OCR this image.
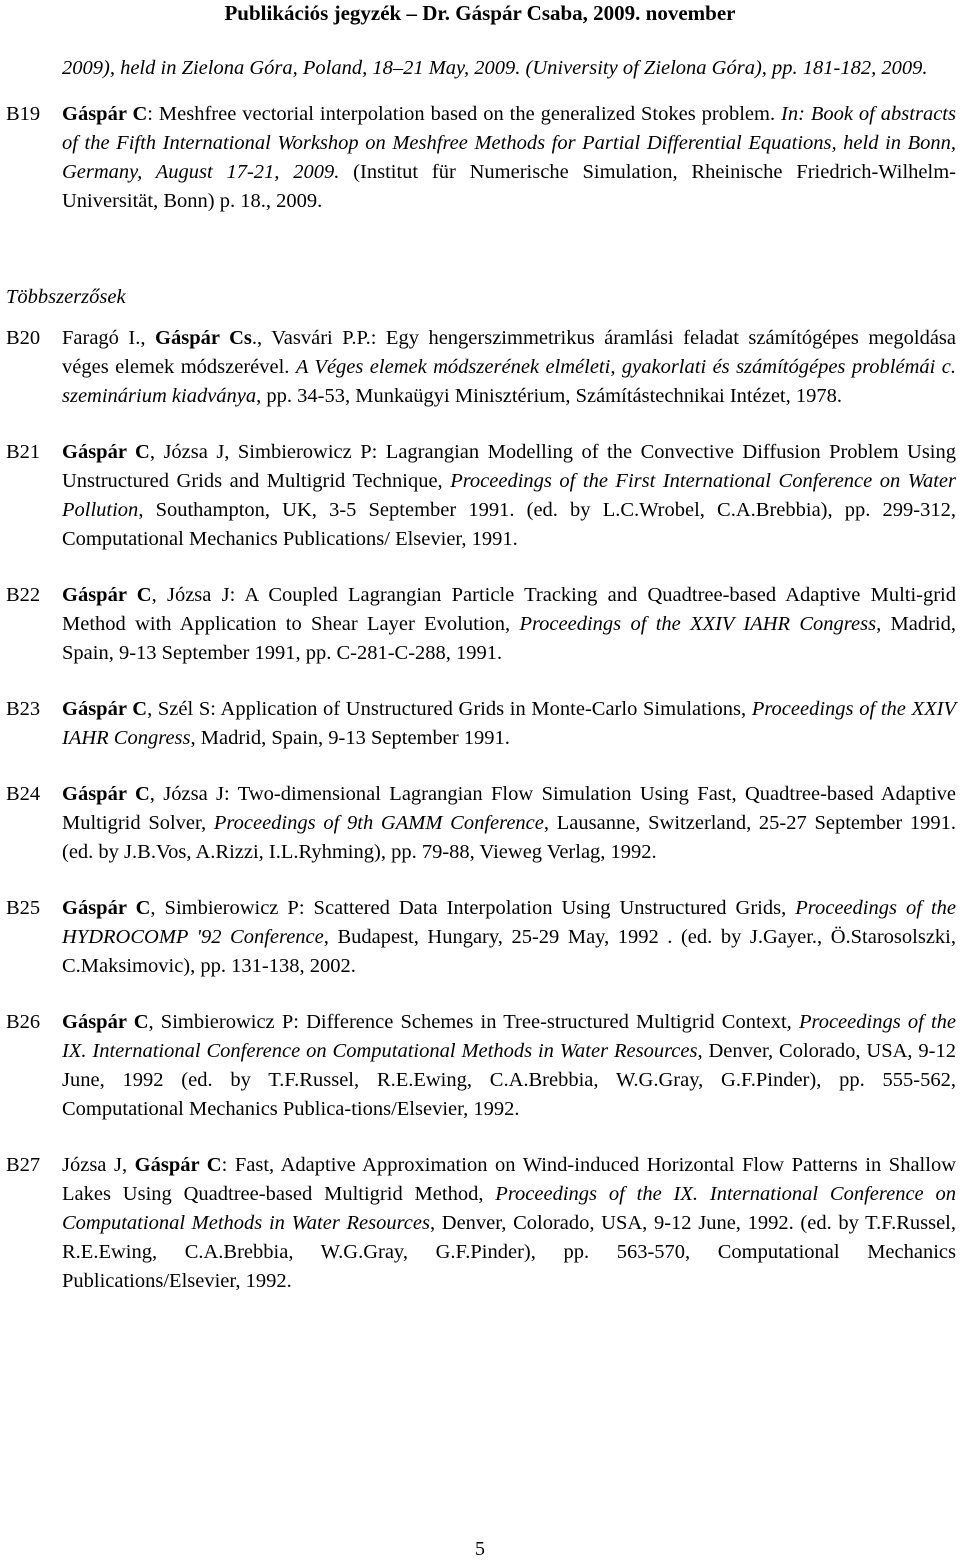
Publikációs jegyzék – Dr. Gáspár Csaba, 2009. november
2009), held in Zielona Góra, Poland, 18–21 May, 2009. (University of Zielona Góra), pp. 181-182, 2009.
B19	Gáspár C: Meshfree vectorial interpolation based on the generalized Stokes problem. In: Book of abstracts of the Fifth International Workshop on Meshfree Methods for Partial Differential Equations, held in Bonn, Germany, August 17-21, 2009. (Institut für Numerische Simulation, Rheinische Friedrich-Wilhelm-Universität, Bonn) p. 18., 2009.
Többszerzősek
B20	Faragó I., Gáspár Cs., Vasvári P.P.: Egy hengerszimmetrikus áramlási feladat számítógépes megoldása véges elemek módszerével. A Véges elemek módszerének elméleti, gyakorlati és számítógépes problémái c. szeminárium kiadványa, pp. 34-53, Munkaügyi Minisztérium, Számítástechnikai Intézet, 1978.
B21	Gáspár C, Józsa J, Simbierowicz P: Lagrangian Modelling of the Convective Diffusion Problem Using Unstructured Grids and Multigrid Technique, Proceedings of the First International Conference on Water Pollution, Southampton, UK, 3-5 September 1991. (ed. by L.C.Wrobel, C.A.Brebbia), pp. 299-312, Computational Mechanics Publications/ Elsevier, 1991.
B22	Gáspár C, Józsa J: A Coupled Lagrangian Particle Tracking and Quadtree-based Adaptive Multi-grid Method with Application to Shear Layer Evolution, Proceedings of the XXIV IAHR Congress, Madrid, Spain, 9-13 September 1991, pp. C-281-C-288, 1991.
B23	Gáspár C, Szél S: Application of Unstructured Grids in Monte-Carlo Simulations, Proceedings of the XXIV IAHR Congress, Madrid, Spain, 9-13 September 1991.
B24	Gáspár C, Józsa J: Two-dimensional Lagrangian Flow Simulation Using Fast, Quadtree-based Adaptive Multigrid Solver, Proceedings of 9th GAMM Conference, Lausanne, Switzerland, 25-27 September 1991. (ed. by J.B.Vos, A.Rizzi, I.L.Ryhming), pp. 79-88, Vieweg Verlag, 1992.
B25	Gáspár C, Simbierowicz P: Scattered Data Interpolation Using Unstructured Grids, Proceedings of the HYDROCOMP '92 Conference, Budapest, Hungary, 25-29 May, 1992 . (ed. by J.Gayer., Ö.Starosolszki, C.Maksimovic), pp. 131-138, 2002.
B26	Gáspár C, Simbierowicz P: Difference Schemes in Tree-structured Multigrid Context, Proceedings of the IX. International Conference on Computational Methods in Water Resources, Denver, Colorado, USA, 9-12 June, 1992 (ed. by T.F.Russel, R.E.Ewing, C.A.Brebbia, W.G.Gray, G.F.Pinder), pp. 555-562, Computational Mechanics Publica-tions/Elsevier, 1992.
B27	Józsa J, Gáspár C: Fast, Adaptive Approximation on Wind-induced Horizontal Flow Patterns in Shallow Lakes Using Quadtree-based Multigrid Method, Proceedings of the IX. International Conference on Computational Methods in Water Resources, Denver, Colorado, USA, 9-12 June, 1992. (ed. by T.F.Russel, R.E.Ewing, C.A.Brebbia, W.G.Gray, G.F.Pinder), pp. 563-570, Computational Mechanics Publications/Elsevier, 1992.
5
